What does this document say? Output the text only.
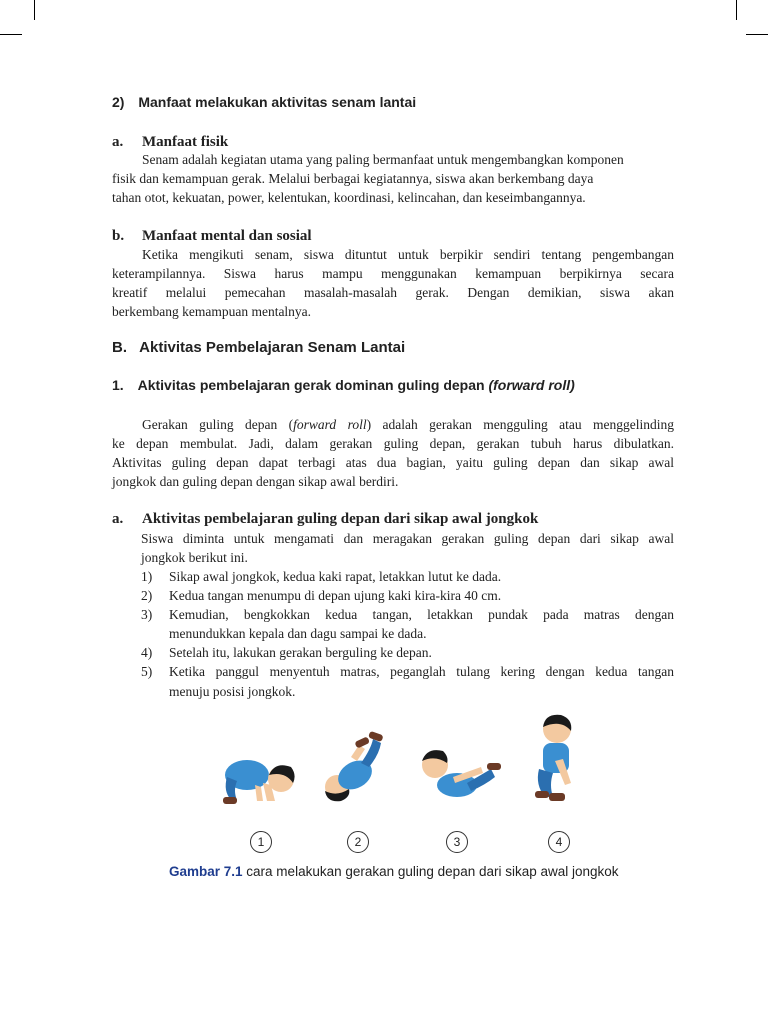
2) Manfaat melakukan aktivitas senam lantai
a. Manfaat fisik

Senam adalah kegiatan utama yang paling bermanfaat untuk mengembangkan komponen

fisik dan kemampuan gerak. Melalui berbagai kegiatannya, siswa akan berkembang daya

tahan otot, kekuatan, power, kelentukan, koordinasi, kelincahan, dan keseimbangannya.

b. Manfaat mental dan sosial

Ketika mengikuti senam, siswa dituntut untuk berpikir sendiri tentang pengembangan

keterampilannya. Siswa harus mampu menggunakan kemampuan berpikirnya secara

kreatif melalui pemecahan masalah-masalah gerak. Dengan demikian, siswa akan

berkembang kemampuan mentalnya.

B. Aktivitas Pembelajaran Senam Lantai
1. Aktivitas pembelajaran gerak dominan guling depan (forward roll)

Gerakan guling depan (forward roll) adalah gerakan mengguling atau menggelinding

ke depan membulat. Jadi, dalam gerakan guling depan, gerakan tubuh harus dibulatkan.

Aktivitas guling depan dapat terbagi atas dua bagian, yaitu guling depan dan sikap awal

jongkok dan guling depan dengan sikap awal berdiri.

a. Aktivitas pembelajaran guling depan dari sikap awal jongkok

Siswa diminta untuk mengamati dan meragakan gerakan guling depan dari sikap awal

jongkok berikut ini.

1) Sikap awal jongkok, kedua kaki rapat, letakkan lutut ke dada.

2) Kedua tangan menumpu di depan ujung kaki kira-kira 40 cm.

3) Kemudian, bengkokkan kedua tangan, letakkan pundak pada matras dengan

menundukkan kepala dan dagu sampai ke dada.

4) Setelah itu, lakukan gerakan berguling ke depan.

5) Ketika panggul menyentuh matras, peganglah tulang kering dengan kedua tangan

menuju posisi jongkok.

1	2	3	4
Gambar 7.1 cara melakukan gerakan guling depan dari sikap awal jongkok
